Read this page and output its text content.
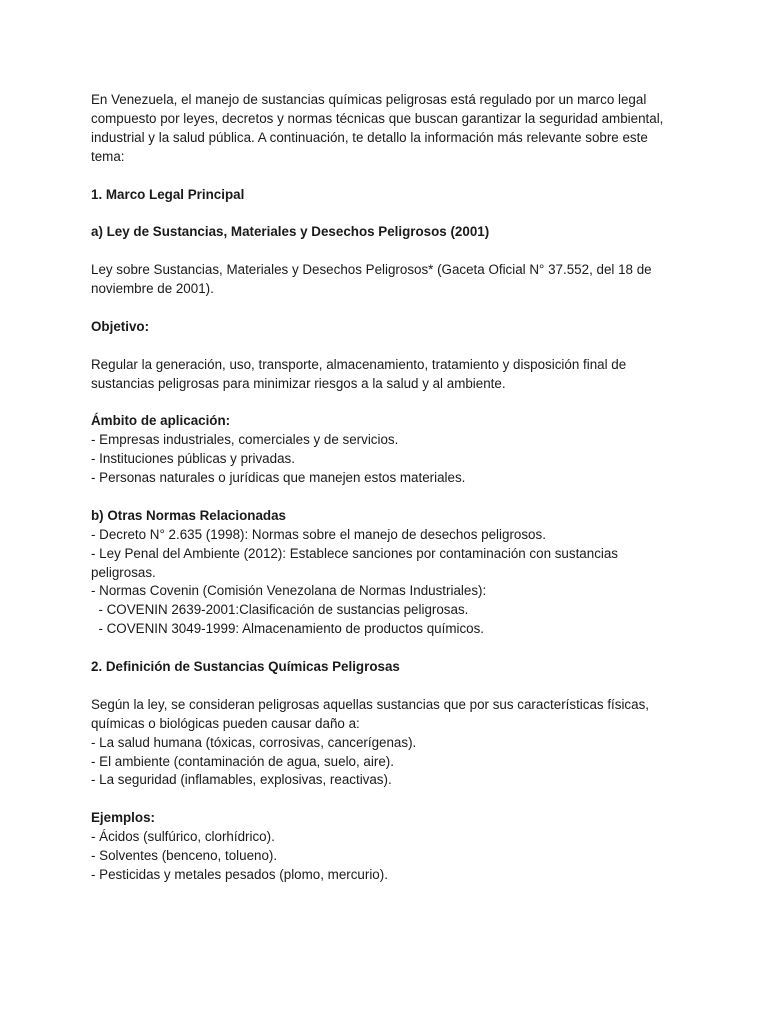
En Venezuela, el manejo de sustancias químicas peligrosas está regulado por un marco legal compuesto por leyes, decretos y normas técnicas que buscan garantizar la seguridad ambiental, industrial y la salud pública. A continuación, te detallo la información más relevante sobre este tema:

1. Marco Legal Principal

a) Ley de Sustancias, Materiales y Desechos Peligrosos (2001)

Ley sobre Sustancias, Materiales y Desechos Peligrosos* (Gaceta Oficial N° 37.552, del 18 de noviembre de 2001).

Objetivo:

Regular la generación, uso, transporte, almacenamiento, tratamiento y disposición final de sustancias peligrosas para minimizar riesgos a la salud y al ambiente.

Ámbito de aplicación:

- Empresas industriales, comerciales y de servicios.
- Instituciones públicas y privadas.
- Personas naturales o jurídicas que manejen estos materiales.

b) Otras Normas Relacionadas

- Decreto N° 2.635 (1998): Normas sobre el manejo de desechos peligrosos.
- Ley Penal del Ambiente (2012): Establece sanciones por contaminación con sustancias peligrosas.
- Normas Covenin (Comisión Venezolana de Normas Industriales):
- COVENIN 2639-2001:Clasificación de sustancias peligrosas.
- COVENIN 3049-1999: Almacenamiento de productos químicos.

2. Definición de Sustancias Químicas Peligrosas

Según la ley, se consideran peligrosas aquellas sustancias que por sus características físicas, químicas o biológicas pueden causar daño a:

- La salud humana (tóxicas, corrosivas, cancerígenas).
- El ambiente (contaminación de agua, suelo, aire).
- La seguridad (inflamables, explosivas, reactivas).

Ejemplos:

- Ácidos (sulfúrico, clorhídrico).
- Solventes (benceno, tolueno).
- Pesticidas y metales pesados (plomo, mercurio).
